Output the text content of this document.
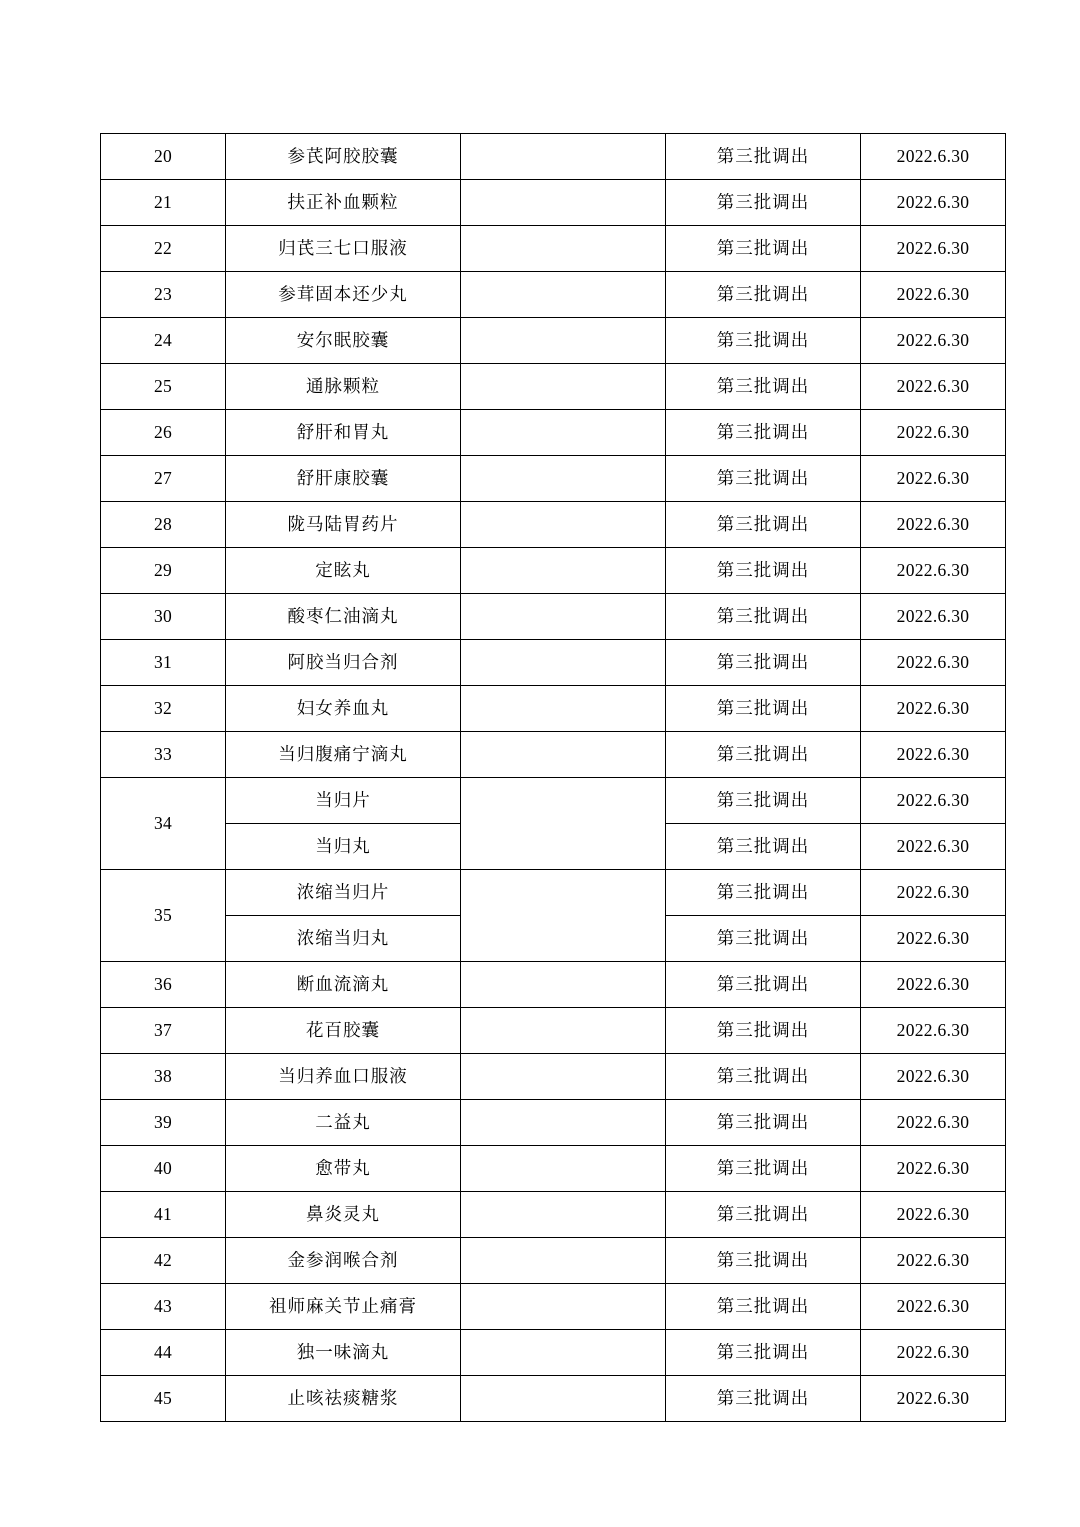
20	参芪阿胶胶囊		第三批调出	2022.6.30
21	扶正补血颗粒		第三批调出	2022.6.30
22	归芪三七口服液		第三批调出	2022.6.30
23	参茸固本还少丸		第三批调出	2022.6.30
24	安尔眠胶囊		第三批调出	2022.6.30
25	通脉颗粒		第三批调出	2022.6.30
26	舒肝和胃丸		第三批调出	2022.6.30
27	舒肝康胶囊		第三批调出	2022.6.30
28	陇马陆胃药片		第三批调出	2022.6.30
29	定眩丸		第三批调出	2022.6.30
30	酸枣仁油滴丸		第三批调出	2022.6.30
31	阿胶当归合剂		第三批调出	2022.6.30
32	妇女养血丸		第三批调出	2022.6.30
33	当归腹痛宁滴丸		第三批调出	2022.6.30
34	当归片		第三批调出	2022.6.30
	当归丸		第三批调出	2022.6.30
35	浓缩当归片		第三批调出	2022.6.30
	浓缩当归丸		第三批调出	2022.6.30
36	断血流滴丸		第三批调出	2022.6.30
37	花百胶囊		第三批调出	2022.6.30
38	当归养血口服液		第三批调出	2022.6.30
39	二益丸		第三批调出	2022.6.30
40	愈带丸		第三批调出	2022.6.30
41	鼻炎灵丸		第三批调出	2022.6.30
42	金参润喉合剂		第三批调出	2022.6.30
43	祖师麻关节止痛膏		第三批调出	2022.6.30
44	独一味滴丸		第三批调出	2022.6.30
45	止咳祛痰糖浆		第三批调出	2022.6.30
